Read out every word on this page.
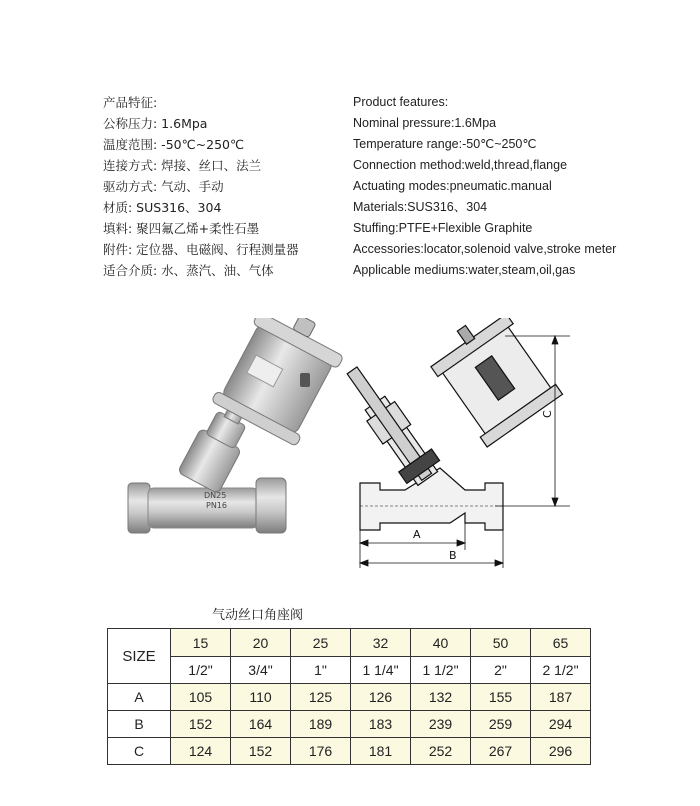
产品特征:
公称压力: 1.6Mpa
温度范围: -50℃~250℃
连接方式: 焊接、丝口、法兰
驱动方式: 气动、手动
材质: SUS316、304
填料: 聚四氟乙烯+柔性石墨
附件: 定位器、电磁阀、行程测量器
适合介质: 水、蒸汽、油、气体
Product features:
Nominal pressure:1.6Mpa
Temperature range:-50℃~250℃
Connection method:weld,thread,flange
Actuating modes:pneumatic.manual
Materials:SUS316、304
Stuffing:PTFE+Flexible Graphite
Accessories:locator,solenoid valve,stroke meter
Applicable mediums:water,steam,oil,gas
DN25
PN16
C
A
B
气动丝口角座阀
SIZE	15	20	25	32	40	50	65
	1/2"	3/4"	1"	1 1/4"	1 1/2"	2"	2 1/2"
A	105	110	125	126	132	155	187
B	152	164	189	183	239	259	294
C	124	152	176	181	252	267	296
